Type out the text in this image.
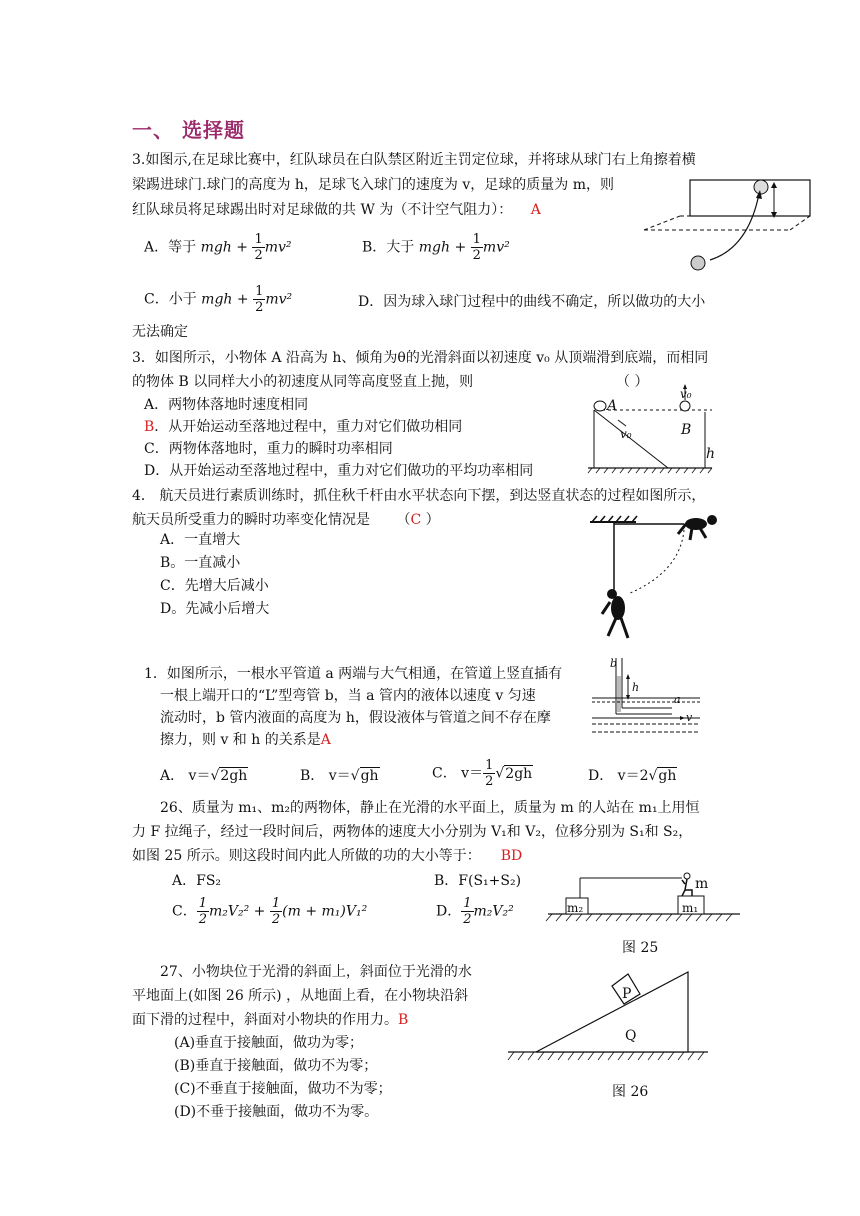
一、 选择题
3.如图示,在足球比赛中，红队球员在白队禁区附近主罚定位球，并将球从球门右上角擦着横
梁踢进球门.球门的高度为 h，足球飞入球门的速度为 v，足球的质量为 m，则
红队球员将足球踢出时对足球做的共 W 为（不计空气阻力）： A
A．等于 mgh + $\frac{1}{2} mv^2$	B．大于 mgh + $\frac{1}{2} mv^2$
C．小于 mgh + $\frac{1}{2} mv^2$	D．因为球入球门过程中的曲线不确定，所以做功的大小
无法确定
3．如图所示，小物体 A 沿高为 h、倾角为θ的光滑斜面以初速度 v₀ 从顶端滑到底端，而相同
的物体 B 以同样大小的初速度从同等高度竖直上抛，则	（ ）
A．两物体落地时速度相同
B．从开始运动至落地过程中，重力对它们做功相同
C．两物体落地时，重力的瞬时功率相同
D．从开始运动至落地过程中，重力对它们做功的平均功率相同
A
v₀
v₀
B
h
4． 航天员进行素质训练时，抓住秋千杆由水平状态向下摆，到达竖直状态的过程如图所示，
航天员所受重力的瞬时功率变化情况是 （C ）
A．一直增大
B。一直减小
C．先增大后减小
D。先减小后增大
1．如图所示，一根水平管道 a 两端与大气相通，在管道上竖直插有
一根上端开口的“L”型弯管 b，当 a 管内的液体以速度 v 匀速
流动时，b 管内液面的高度为 h，假设液体与管道之间不存在摩
擦力，则 v 和 h 的关系是A
A． v＝√2gh	B． v＝√gh	C． $v= \frac{1}{2} √2gh$	D． v＝2√gh
b
h
a
v
26、质量为 m₁、m₂的两物体，静止在光滑的水平面上，质量为 m 的人站在 m₁上用恒
力 F 拉绳子，经过一段时间后，两物体的速度大小分别为 V₁和 V₂，位移分别为 S₁和 S₂，
如图 25 所示。则这段时间内此人所做的功的大小等于： BD
A．FS₂	B．F(S₁+S₂)
C． $\frac{1}{2} m_2V_2^2 + \frac{1}{2} (m + m_1)V_1^2$	D． $\frac{1}{2} m_2V_2^2$
m
m₂	m₁
图 25
27、小物块位于光滑的斜面上，斜面位于光滑的水
平地面上(如图 26 所示) ，从地面上看，在小物块沿斜
面下滑的过程中，斜面对小物块的作用力。B
(A)垂直于接触面，做功为零；
(B)垂直于接触面，做功不为零；
(C)不垂直于接触面，做功不为零；
(D)不垂于接触面，做功不为零。
P
Q
图 26
